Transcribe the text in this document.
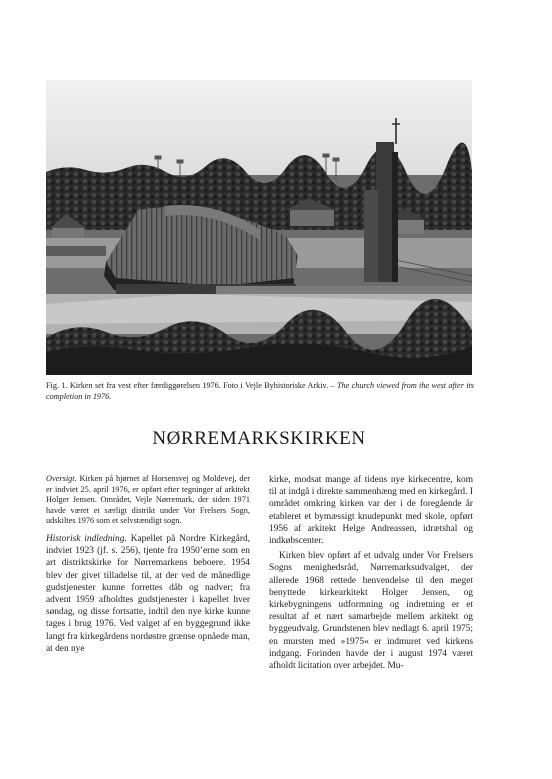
Fig. 1. Kirken set fra vest efter færdiggørelsen 1976. Foto i Vejle Byhistoriske Arkiv. – The church viewed from the west after its completion in 1976.
NØRREMARKSKIRKEN

Oversigt. Kirken på hjørnet af Horsensvej og Moldevej, der er indviet 25. april 1976, er opført efter tegninger af arkitekt Holger Jensen. Området, Vejle Nørremark, der siden 1971 havde været et særligt distrikt under Vor Frelsers Sogn, udskiltes 1976 som et selvstændigt sogn.

Historisk indledning. Kapellet på Nordre Kirkegård, indviet 1923 (jf. s. 256), tjente fra 1950’erne som en art distriktskirke for Nørremarkens beboere. 1954 blev der givet tilladelse til, at der ved de månedlige gudstjenester kunne forrettes dåb og nadver; fra advent 1959 afholdtes gudstjenester i kapellet hver søndag, og disse fortsatte, indtil den nye kirke kunne tages i brug 1976. Ved valget af en byggegrund ikke langt fra kirkegårdens nordøstre grænse opnåede man, at den nye

kirke, modsat mange af tidens nye kirkecentre, kom til at indgå i direkte sammenhæng med en kirkegård. I området omkring kirken var der i de foregående år etableret et bymæssigt knudepunkt med skole, opført 1956 af arkitekt Helge Andreassen, idrætshal og indkøbscenter.

Kirken blev opført af et udvalg under Vor Frelsers Sogns menighedsråd, Nørremarksudvalget, der allerede 1968 rettede henvendelse til den meget benyttede kirkearkitekt Holger Jensen, og kirkebygningens udformning og indretning er et resultat af et nært samarbejde mellem arkitekt og byggeudvalg. Grundstenen blev nedlagt 6. april 1975; en mursten med »1975« er indmuret ved kirkens indgang. Forinden havde der i august 1974 været afholdt licitation over arbejdet. Mu-
